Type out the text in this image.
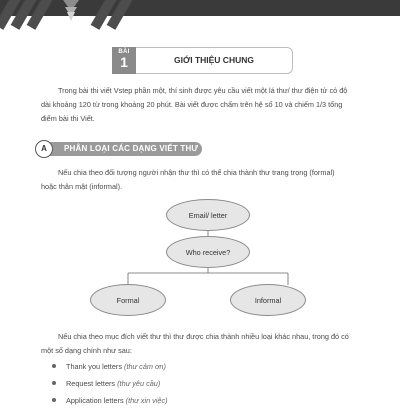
BÀI
1	GIỚI THIỆU CHUNG
Trong bài thi viết Vstep phần một, thí sinh được yêu cầu viết một lá thư/ thư điện tử có độ
dài khoảng 120 từ trong khoảng 20 phút. Bài viết được chấm trên hệ số 10 và chiếm 1/3 tổng
điểm bài thi Viết.
PHÂN LOẠI CÁC DẠNG VIẾT THƯ
A
Nếu chia theo đối tượng người nhận thư thì có thể chia thành thư trang trọng (formal)
hoặc thân mật (informal).
Email/ letter
Who receive?
Formal	Informal
Nếu chia theo mục đích viết thư thì thư được chia thành nhiều loại khác nhau, trong đó có
một số dạng chính như sau:
Thank you letters (thư cảm ơn)
Request letters (thư yêu cầu)
Application letters (thư xin việc)
